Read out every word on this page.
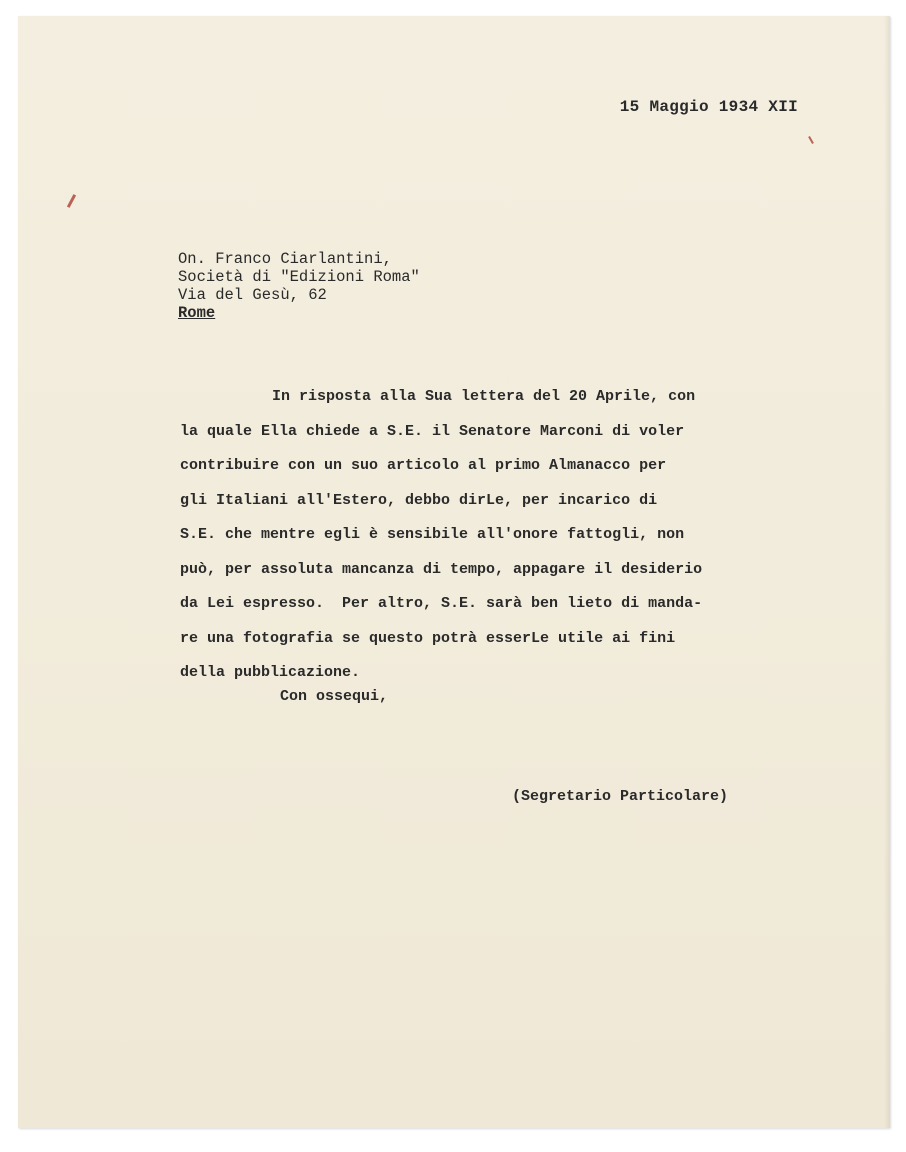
15 Maggio 1934 XII
On. Franco Ciarlantini,
Società di "Edizioni Roma"
Via del Gesù, 62
Rome
In risposta alla Sua lettera del 20 Aprile, con
la quale Ella chiede a S.E. il Senatore Marconi di voler
contribuire con un suo articolo al primo Almanacco per
gli Italiani all'Estero, debbo dirLe, per incarico di
S.E. che mentre egli è sensibile all'onore fattogli, non
può, per assoluta mancanza di tempo, appagare il desiderio
da Lei espresso.  Per altro, S.E. sarà ben lieto di manda-
re una fotografia se questo potrà esserLe utile ai fini
della pubblicazione.
Con ossequi,
(Segretario Particolare)
